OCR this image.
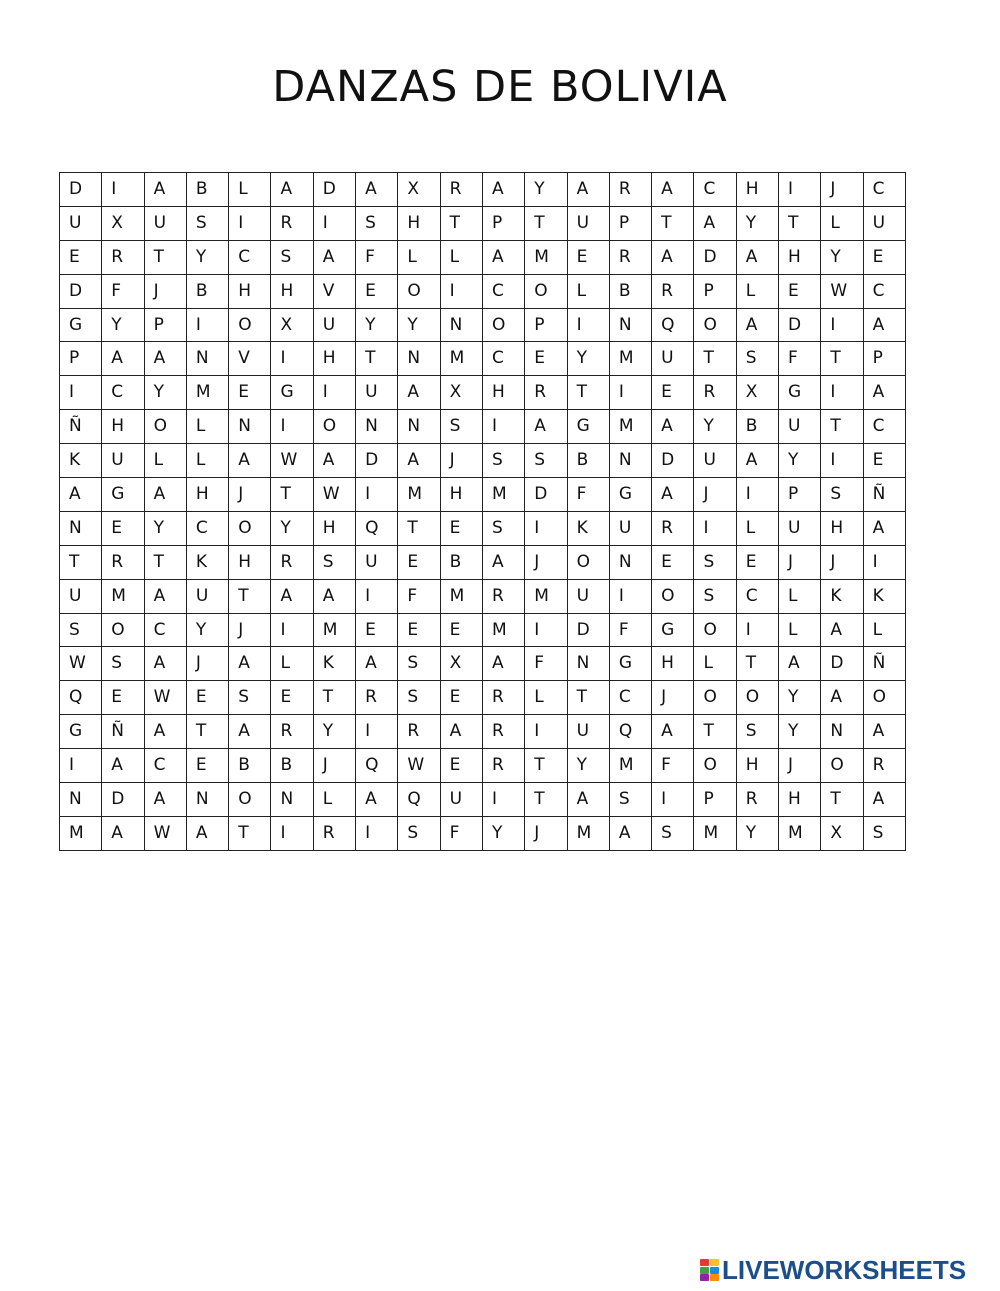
DANZAS DE BOLIVIA
D	I	A	B	L	A	D	A	X	R	A	Y	A	R	A	C	H	I	J	C
U	X	U	S	I	R	I	S	H	T	P	T	U	P	T	A	Y	T	L	U
E	R	T	Y	C	S	A	F	L	L	A	M	E	R	A	D	A	H	Y	E
D	F	J	B	H	H	V	E	O	I	C	O	L	B	R	P	L	E	W	C
G	Y	P	I	O	X	U	Y	Y	N	O	P	I	N	Q	O	A	D	I	A
P	A	A	N	V	I	H	T	N	M	C	E	Y	M	U	T	S	F	T	P
I	C	Y	M	E	G	I	U	A	X	H	R	T	I	E	R	X	G	I	A
Ñ	H	O	L	N	I	O	N	N	S	I	A	G	M	A	Y	B	U	T	C
K	U	L	L	A	W	A	D	A	J	S	S	B	N	D	U	A	Y	I	E
A	G	A	H	J	T	W	I	M	H	M	D	F	G	A	J	I	P	S	Ñ
N	E	Y	C	O	Y	H	Q	T	E	S	I	K	U	R	I	L	U	H	A
T	R	T	K	H	R	S	U	E	B	A	J	O	N	E	S	E	J	J	I
U	M	A	U	T	A	A	I	F	M	R	M	U	I	O	S	C	L	K	K
S	O	C	Y	J	I	M	E	E	E	M	I	D	F	G	O	I	L	A	L
W	S	A	J	A	L	K	A	S	X	A	F	N	G	H	L	T	A	D	Ñ
Q	E	W	E	S	E	T	R	S	E	R	L	T	C	J	O	O	Y	A	O
G	Ñ	A	T	A	R	Y	I	R	A	R	I	U	Q	A	T	S	Y	N	A
I	A	C	E	B	B	J	Q	W	E	R	T	Y	M	F	O	H	J	O	R
N	D	A	N	O	N	L	A	Q	U	I	T	A	S	I	P	R	H	T	A
M	A	W	A	T	I	R	I	S	F	Y	J	M	A	S	M	Y	M	X	S
LIVEWORKSHEETS
